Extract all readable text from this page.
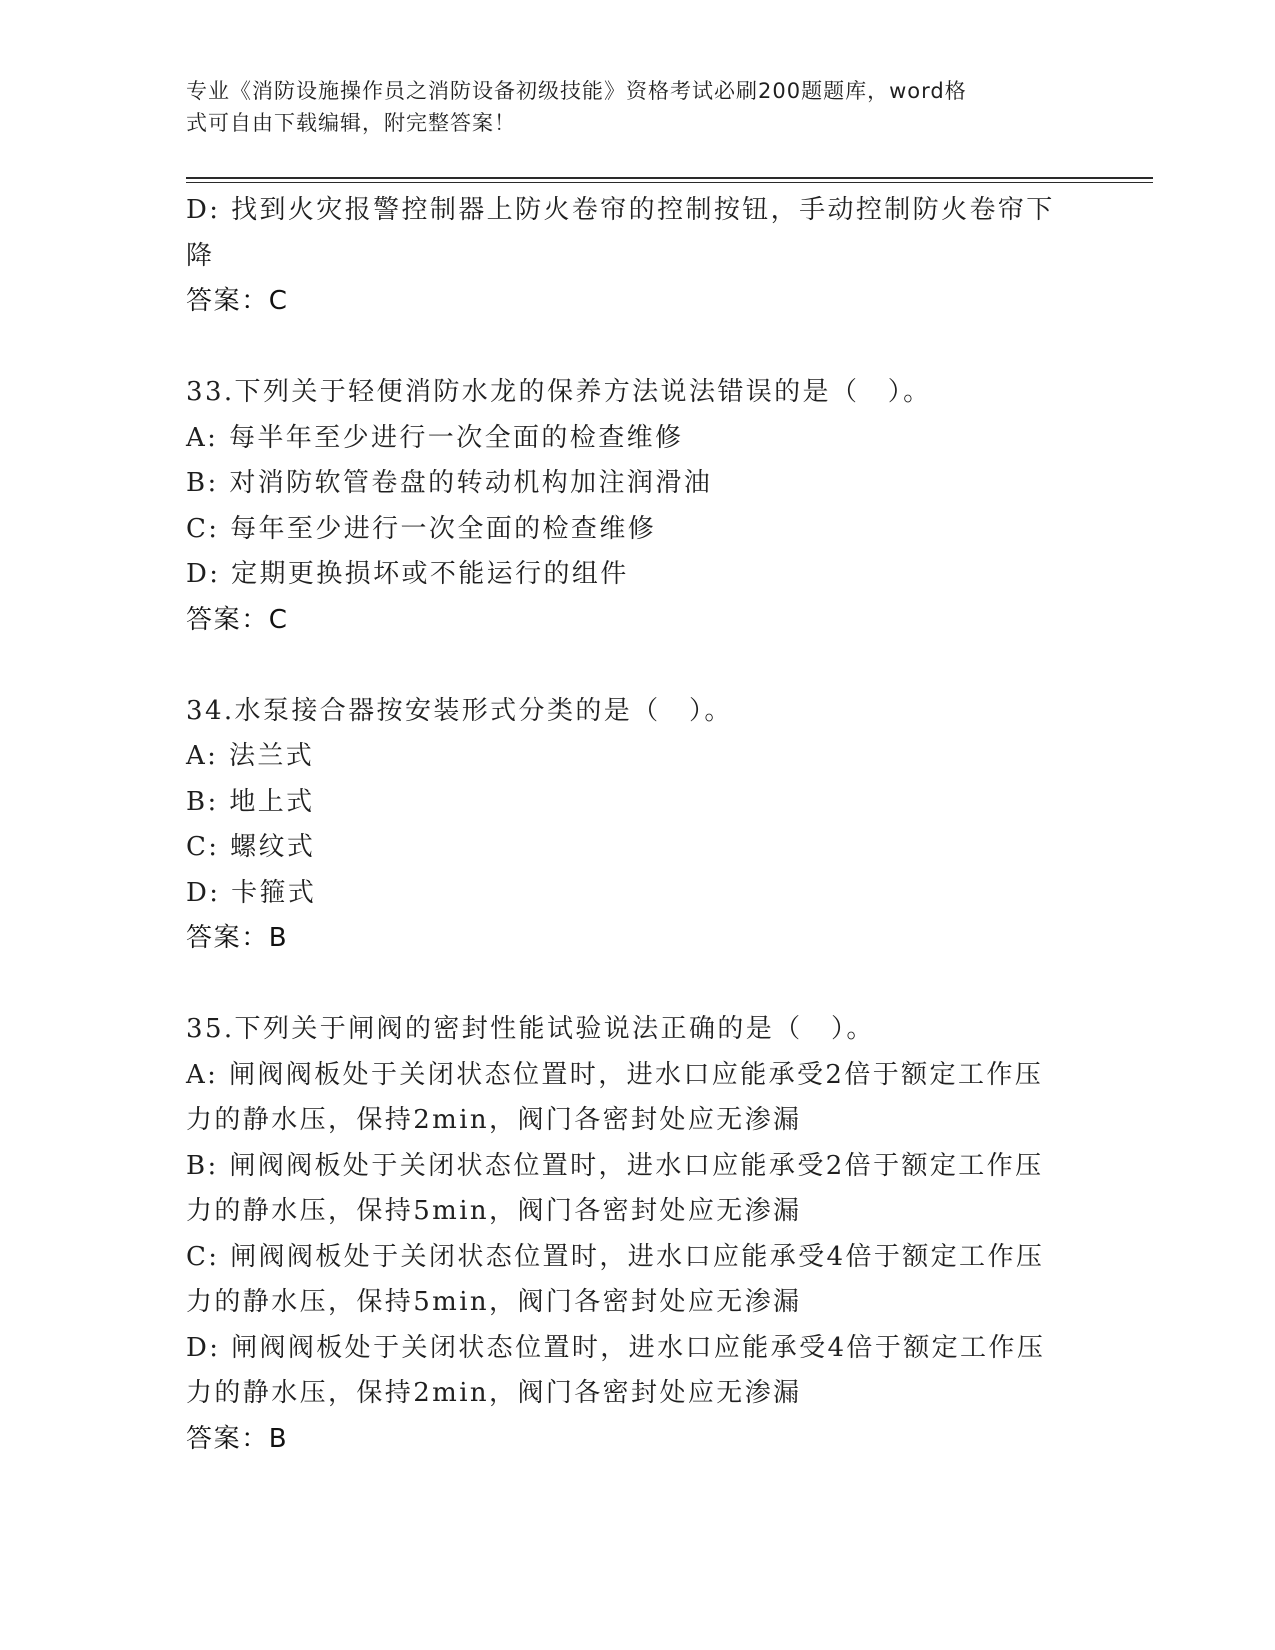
专业《消防设施操作员之消防设备初级技能》资格考试必刷200题题库，word格
式可自由下载编辑，附完整答案！
D: 找到火灾报警控制器上防火卷帘的控制按钮，手动控制防火卷帘下
降
答案：C
33.下列关于轻便消防水龙的保养方法说法错误的是（　）。
A: 每半年至少进行一次全面的检查维修
B: 对消防软管卷盘的转动机构加注润滑油
C: 每年至少进行一次全面的检查维修
D: 定期更换损坏或不能运行的组件
答案：C
34.水泵接合器按安装形式分类的是（　）。
A: 法兰式
B: 地上式
C: 螺纹式
D: 卡箍式
答案：B
35.下列关于闸阀的密封性能试验说法正确的是（　）。
A: 闸阀阀板处于关闭状态位置时，进水口应能承受2倍于额定工作压
力的静水压，保持2min，阀门各密封处应无渗漏
B: 闸阀阀板处于关闭状态位置时，进水口应能承受2倍于额定工作压
力的静水压，保持5min，阀门各密封处应无渗漏
C: 闸阀阀板处于关闭状态位置时，进水口应能承受4倍于额定工作压
力的静水压，保持5min，阀门各密封处应无渗漏
D: 闸阀阀板处于关闭状态位置时，进水口应能承受4倍于额定工作压
力的静水压，保持2min，阀门各密封处应无渗漏
答案：B
